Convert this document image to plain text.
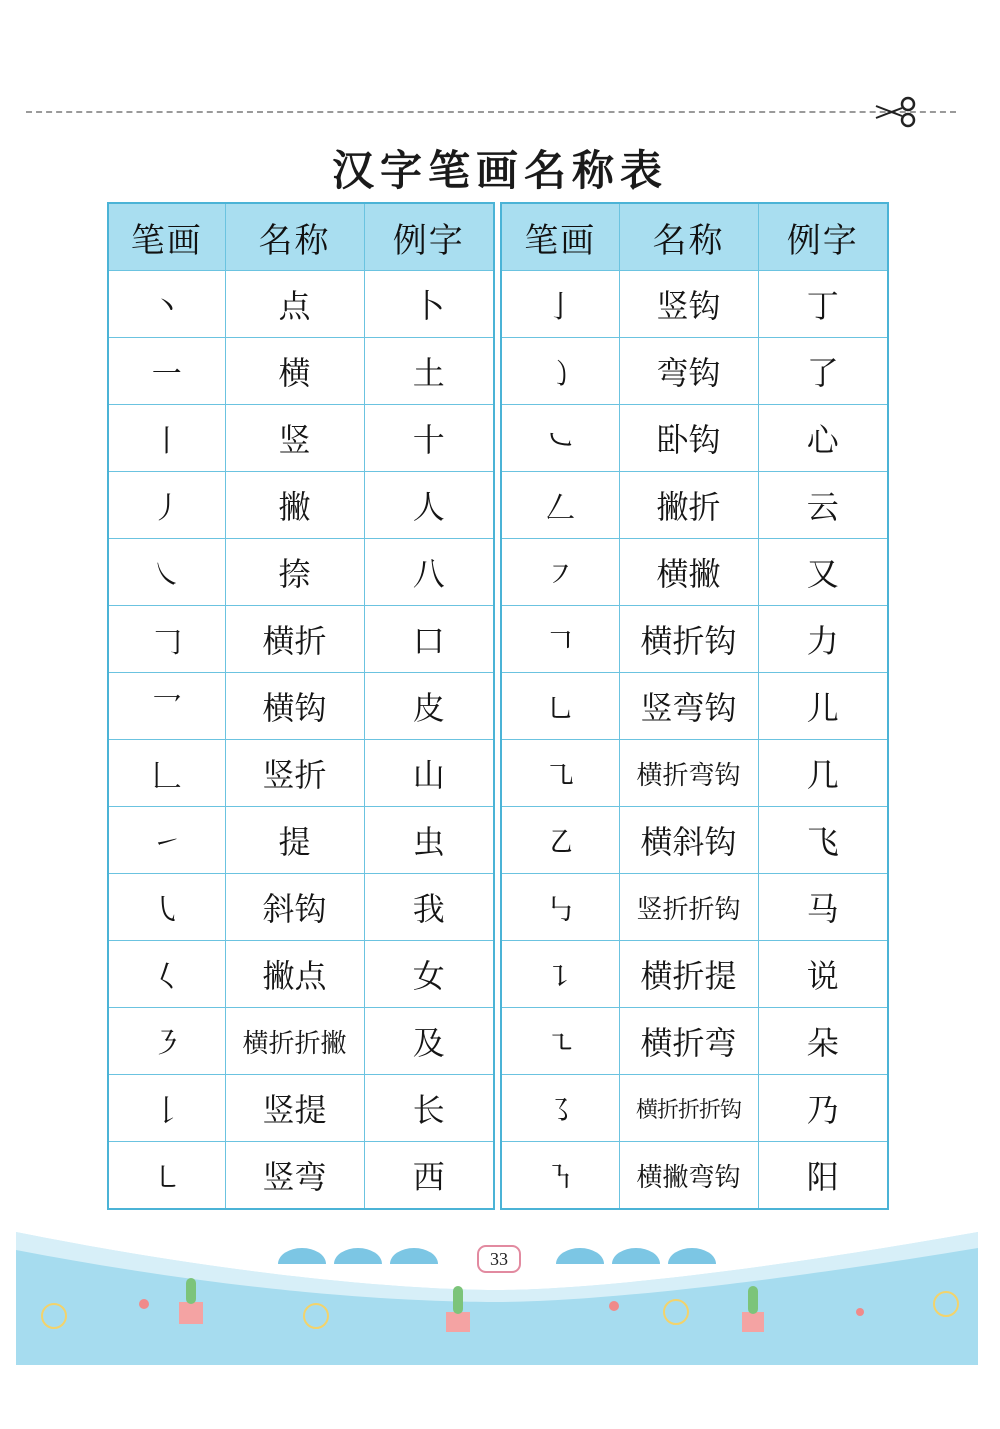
汉字笔画名称表
笔画	名称	例字
丶	点	卜
一	横	土
丨	竖	十
丿	撇	人
㇏	捺	八
𠃌	横折	口
乛	横钩	皮
𠃊	竖折	山
㇀	提	虫
㇂	斜钩	我
𡿨	撇点	女
㇋	横折折撇	及
𠄌	竖提	长
㇄	竖弯	西
笔画	名称	例字
亅	竖钩	丁
㇁	弯钩	了
㇃	卧钩	心
𠃋	撇折	云
㇇	横撇	又
𠃍	横折钩	力
㇟	竖弯钩	儿
㇈	横折弯钩	几
㇠	横斜钩	飞
㇉	竖折折钩	马
㇊	横折提	说
㇍	横折弯	朵
㇌	横折折折钩	乃
㇎	横撇弯钩	阳
33
